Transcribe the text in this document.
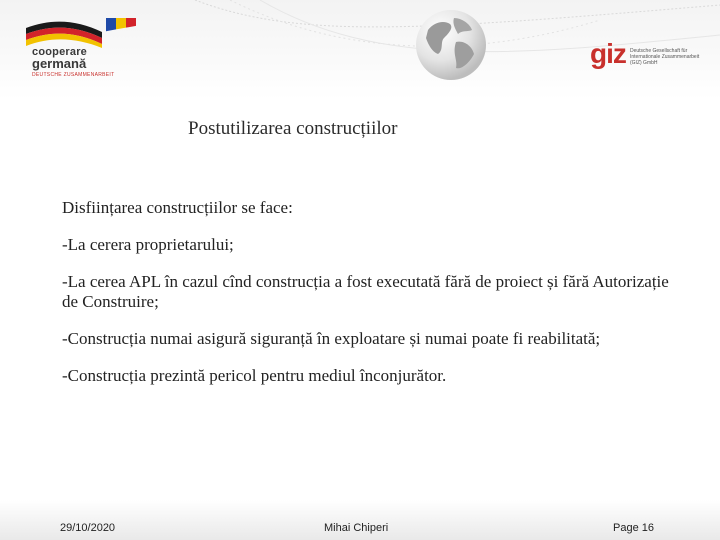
cooperare
germană
DEUTSCHE ZUSAMMENARBEIT
giz Deutsche Gesellschaft für Internationale Zusammenarbeit (GIZ) GmbH
Postutilizarea construcțiilor

Disființarea construcțiilor se face:

-La cerera proprietarului;

-La cerea APL în cazul cînd construcția a fost executată fără de proiect și fără Autorizație de Construire;

-Construcția numai asigură siguranță în exploatare și numai poate fi reabilitată;

-Construcția prezintă pericol pentru mediul înconjurător.

29/10/2020	Mihai Chiperi	Page 16
